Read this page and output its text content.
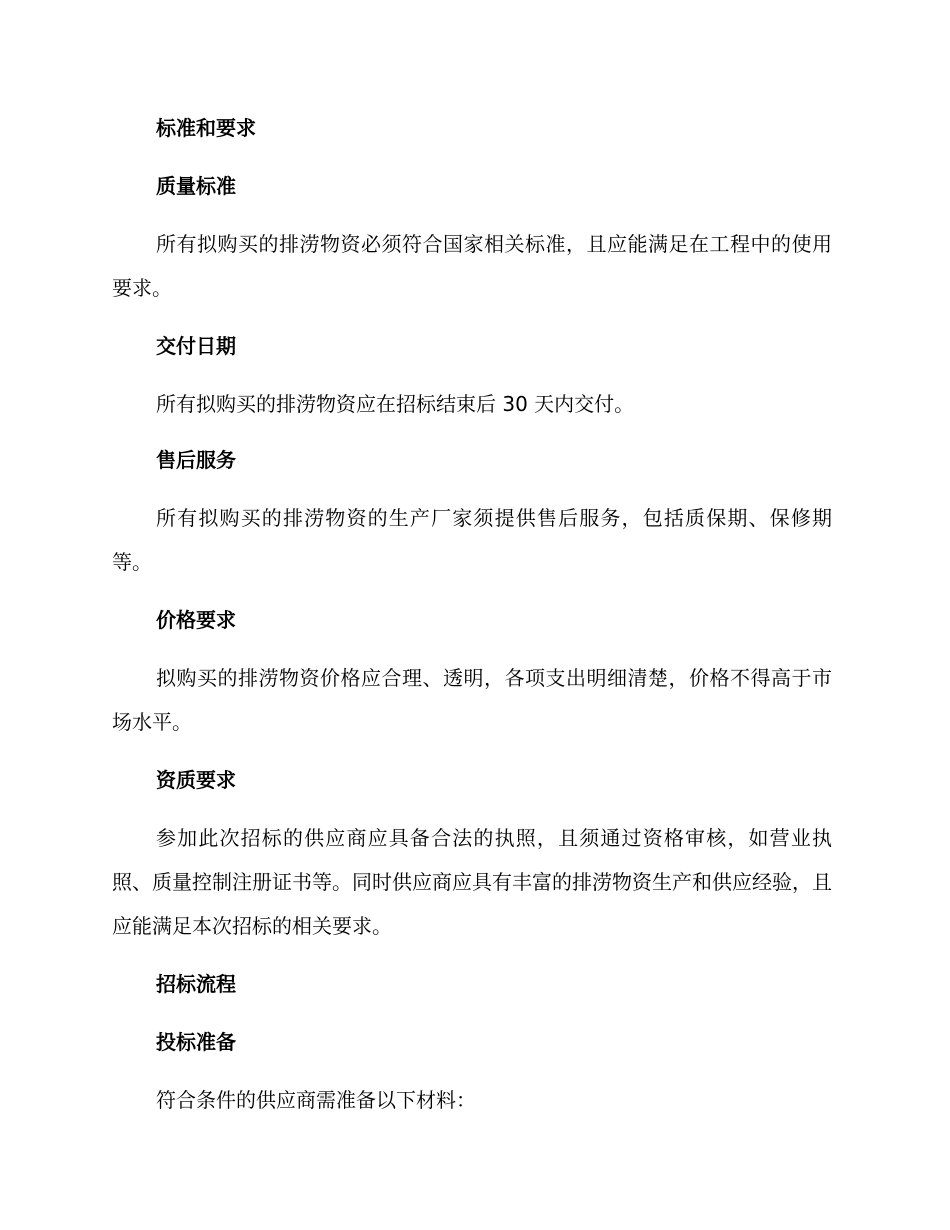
标准和要求
质量标准

所有拟购买的排涝物资必须符合国家相关标准，且应能满足在工程中的使用要求。

交付日期

所有拟购买的排涝物资应在招标结束后 30 天内交付。

售后服务

所有拟购买的排涝物资的生产厂家须提供售后服务，包括质保期、保修期等。

价格要求

拟购买的排涝物资价格应合理、透明，各项支出明细清楚，价格不得高于市场水平。

资质要求

参加此次招标的供应商应具备合法的执照，且须通过资格审核，如营业执照、质量控制注册证书等。同时供应商应具有丰富的排涝物资生产和供应经验，且应能满足本次招标的相关要求。

招标流程
投标准备

符合条件的供应商需准备以下材料：
